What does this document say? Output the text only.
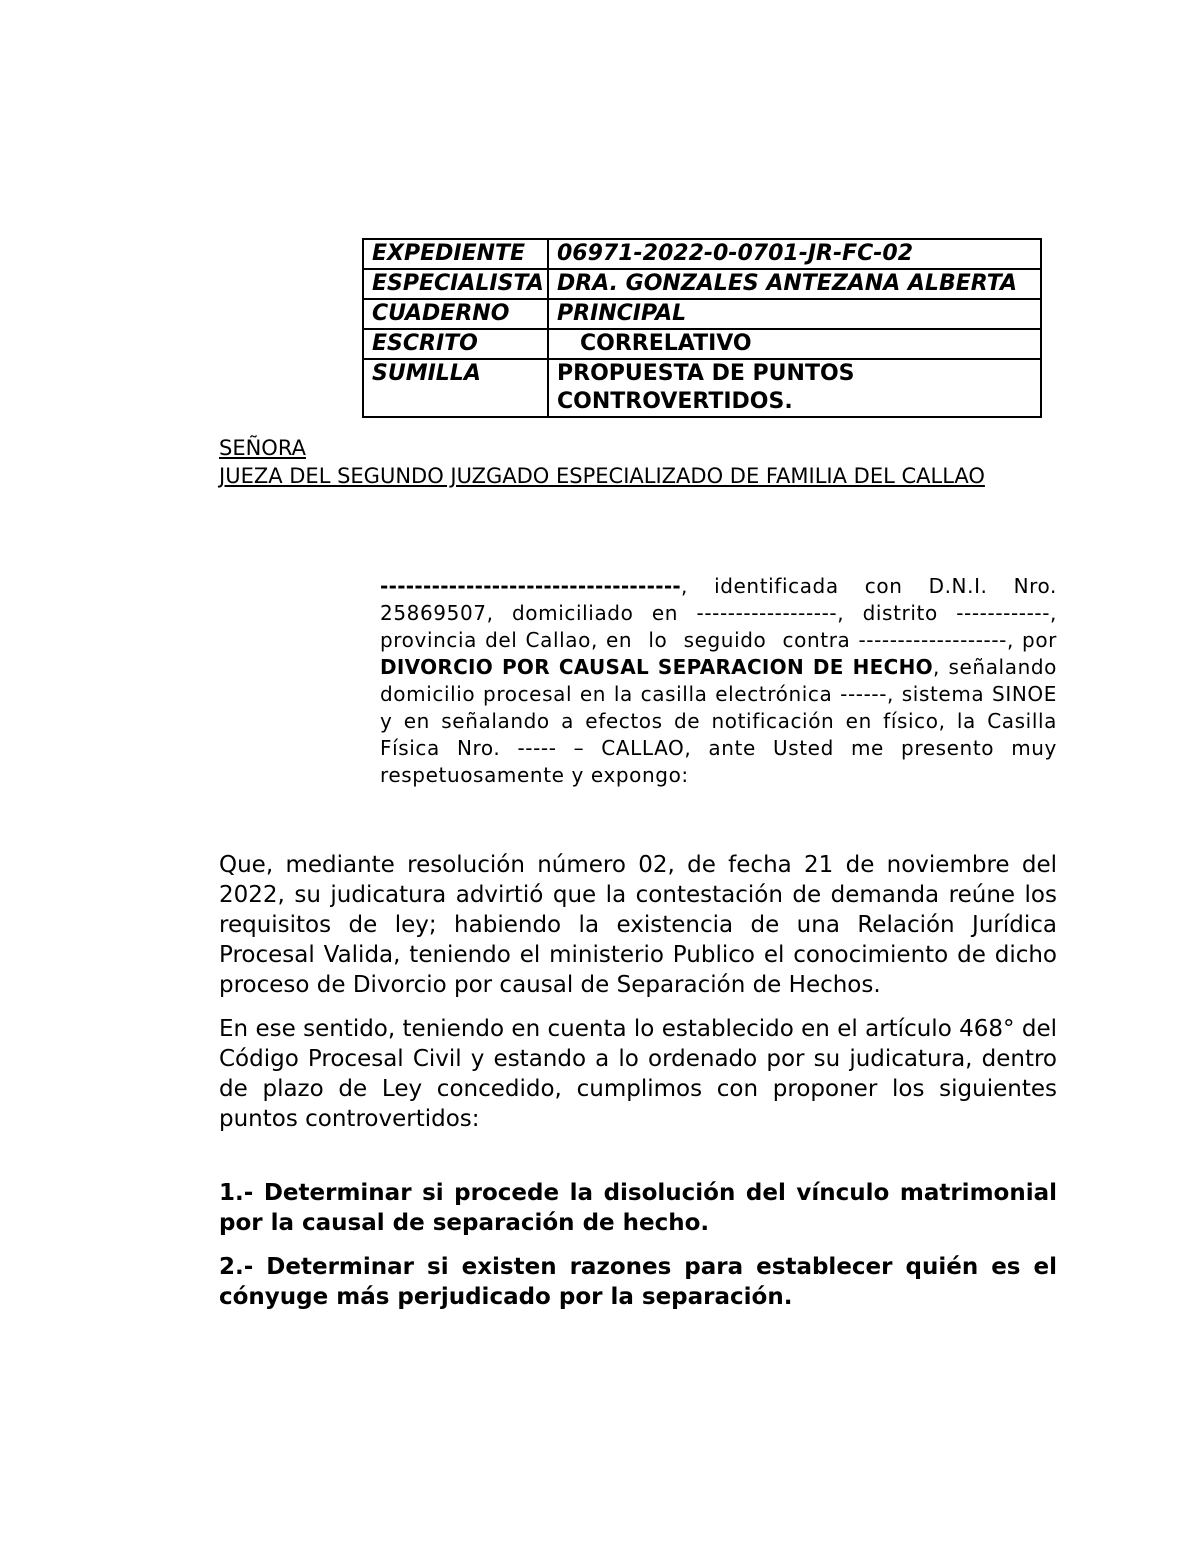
EXPEDIENTE	06971-2022-0-0701-JR-FC-02
ESPECIALISTA	DRA. GONZALES ANTEZANA ALBERTA
CUADERNO	PRINCIPAL
ESCRITO	CORRELATIVO
SUMILLA	PROPUESTA DE PUNTOS CONTROVERTIDOS.
SEÑORA
JUEZA DEL SEGUNDO JUZGADO ESPECIALIZADO DE FAMILIA DEL CALLAO
-----------------------------------, identificada con D.N.I. Nro. 25869507, domiciliado en ------------------, distrito ------------, provincia del Callao, en  lo  seguido  contra -------------------, por DIVORCIO POR CAUSAL SEPARACION DE HECHO, señalando domicilio procesal en la casilla electrónica ------, sistema SINOE y en señalando a efectos de notificación en físico, la Casilla Física Nro. ----- – CALLAO, ante Usted me presento muy respetuosamente y expongo:

Que, mediante resolución número 02, de fecha 21 de noviembre del 2022, su judicatura advirtió que la contestación de demanda reúne los requisitos de ley; habiendo la existencia de una Relación Jurídica Procesal Valida, teniendo el ministerio Publico el conocimiento de dicho proceso de Divorcio por causal de Separación de Hechos.

En ese sentido, teniendo en cuenta lo establecido en el artículo 468° del Código Procesal Civil y estando a lo ordenado por su judicatura, dentro de plazo de Ley concedido, cumplimos con proponer los siguientes puntos controvertidos:

1.- Determinar si procede la disolución del vínculo matrimonial por la causal de separación de hecho.

2.- Determinar si existen razones para establecer quién es el cónyuge más perjudicado por la separación.
